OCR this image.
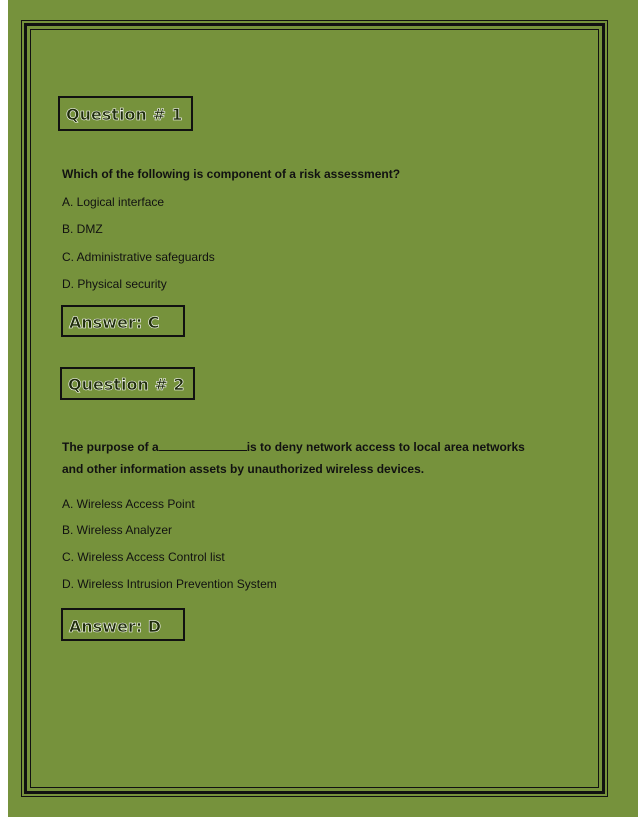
Question # 1
Which of the following is component of a risk assessment?
A. Logical interface
B. DMZ
C. Administrative safeguards
D. Physical security
Answer: C
Question # 2
The purpose of a	is to deny network access to local area networks
and other information assets by unauthorized wireless devices.
A. Wireless Access Point
B. Wireless Analyzer
C. Wireless Access Control list
D. Wireless Intrusion Prevention System
Answer: D
